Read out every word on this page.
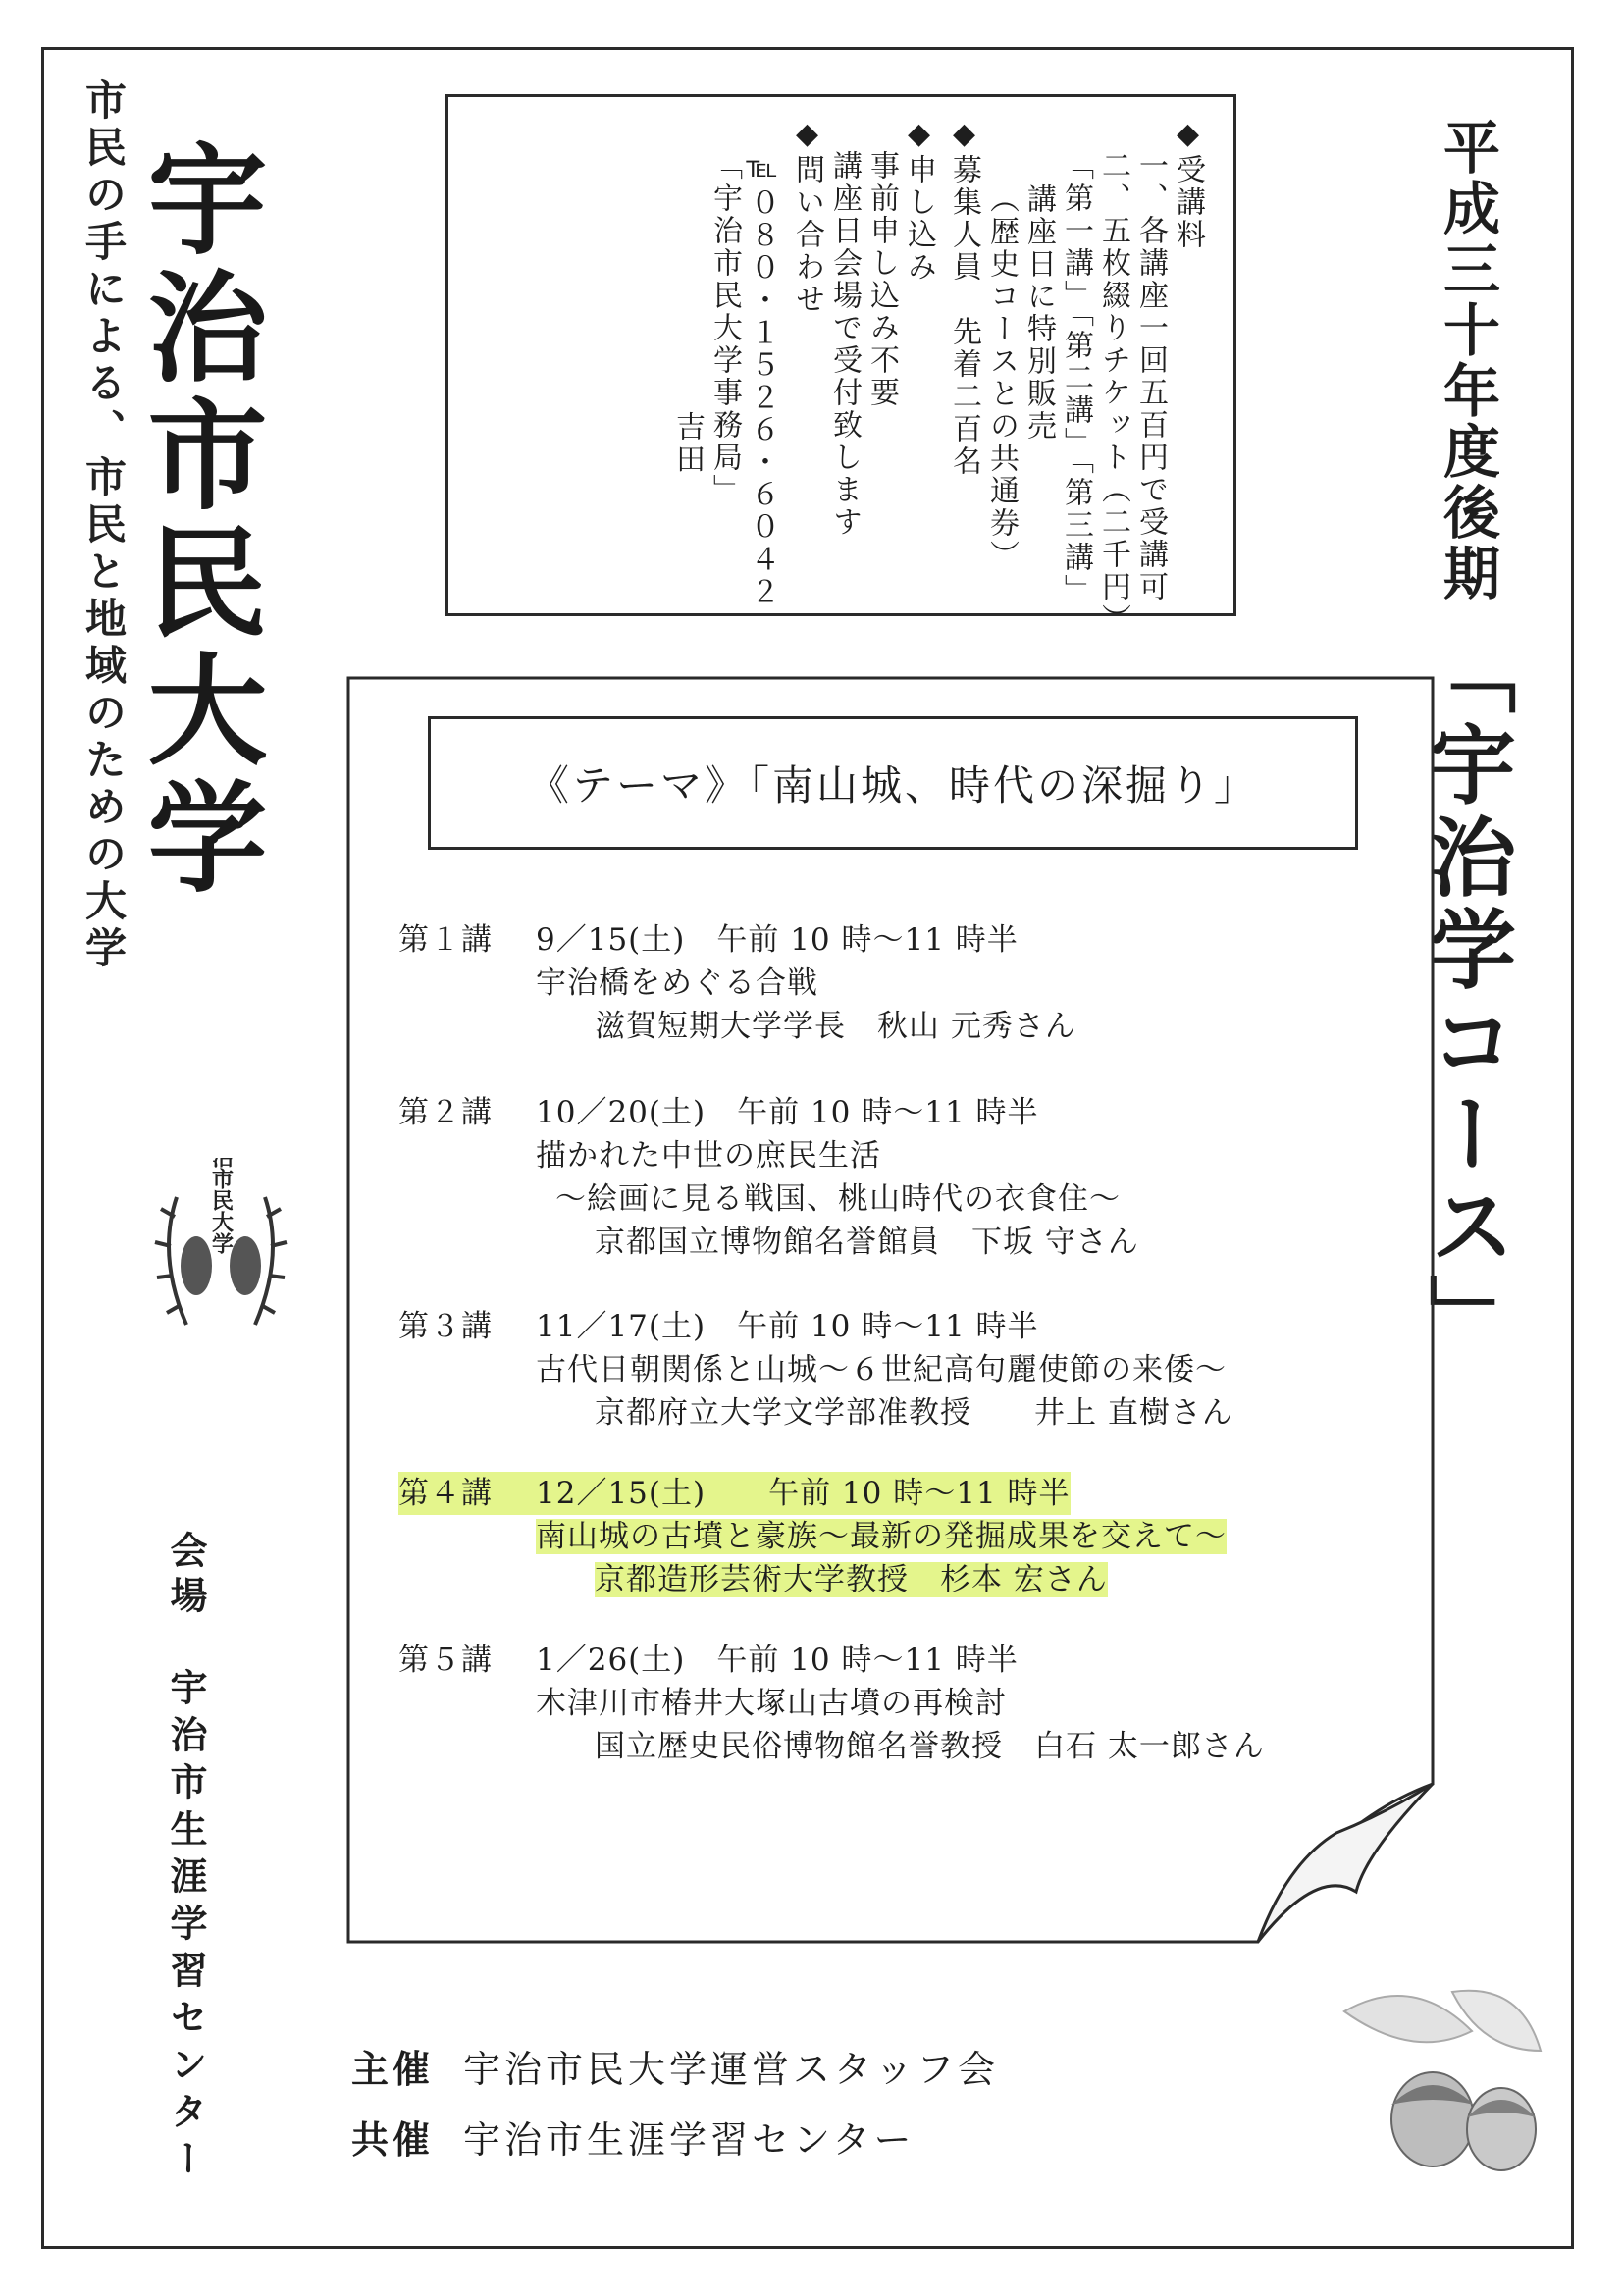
市民の手による、市民と地域のための大学 宇治市民大学
宇治市民大学
会場
宇治市生涯学習センター
◆受講料
一、各講座一回五百円で受講可
二、五枚綴りチケット（二千円）
「第一講」「第二講」「第三講」
講座日に特別販売
（歴史コースとの共通券）
◆募集人員　先着二百名
◆申し込み
事前申し込み不要
講座日会場で受付致します
◆問い合わせ
℡０８０・１５２６・６０４２
「宇治市民大学事務局」
吉田	平成三十年度後期
「宇治学コース」
《テーマ》「南山城、時代の深掘り」
第１講	9／15(土)　午前 10 時～11 時半
宇治橋をめぐる合戦
滋賀短期大学学長　秋山 元秀さん
第２講	10／20(土)　午前 10 時～11 時半
描かれた中世の庶民生活
～絵画に見る戦国、桃山時代の衣食住～
京都国立博物館名誉館員　下坂 守さん
第３講	11／17(土)　午前 10 時～11 時半
古代日朝関係と山城～６世紀高句麗使節の来倭～
京都府立大学文学部准教授　　井上 直樹さん
第４講	12／15(土)　　午前 10 時～11 時半
南山城の古墳と豪族～最新の発掘成果を交えて～
京都造形芸術大学教授　杉本 宏さん
第５講	1／26(土)　午前 10 時～11 時半
木津川市椿井大塚山古墳の再検討
国立歴史民俗博物館名誉教授　白石 太一郎さん
主催 宇治市民大学運営スタッフ会
共催 宇治市生涯学習センター
